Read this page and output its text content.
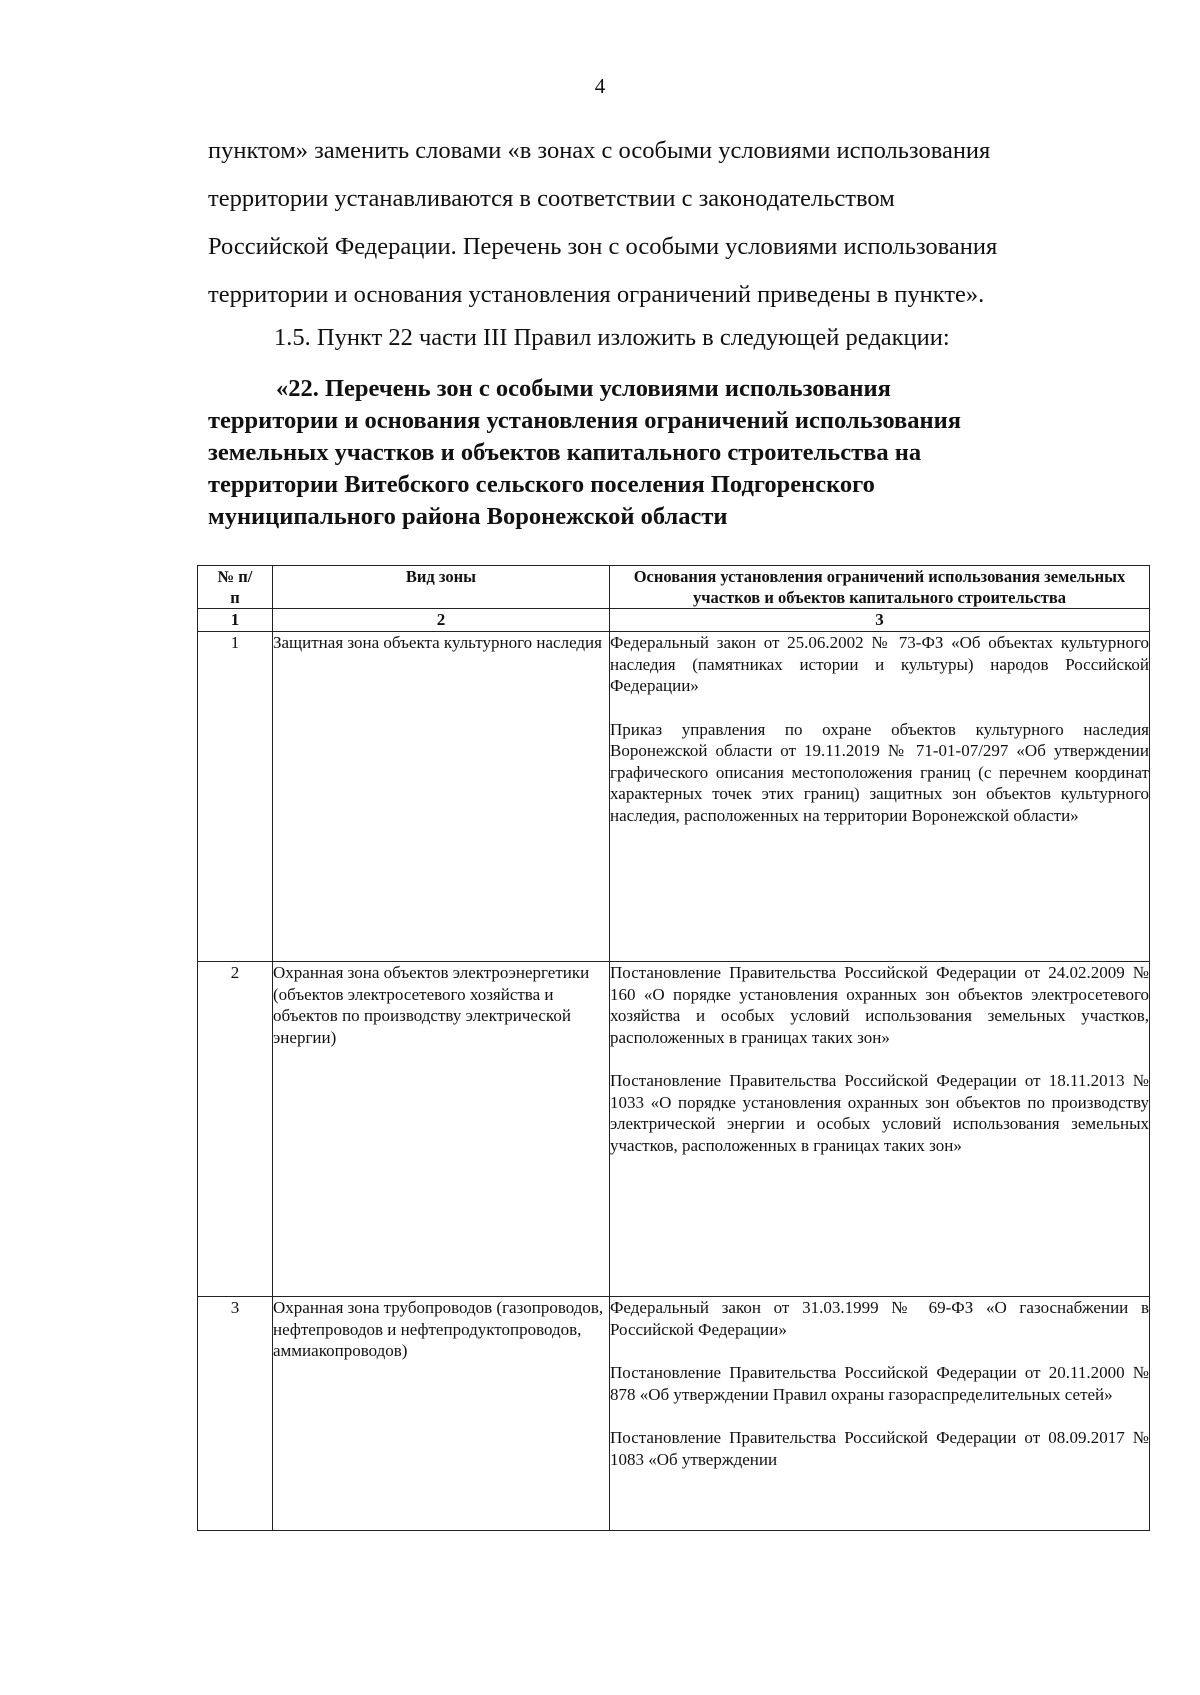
4
пунктом» заменить словами «в зонах с особыми условиями использования
территории устанавливаются в соответствии с законодательством
Российской Федерации. Перечень зон с особыми условиями использования
территории и основания установления ограничений приведены в пункте».
1.5. Пункт 22 части III Правил изложить в следующей редакции:
«22. Перечень зон с особыми условиями использования
территории и основания установления ограничений использования
земельных участков и объектов капитального строительства на
территории Витебского сельского поселения Подгоренского
муниципального района Воронежской области
№ п/п	Вид зоны	Основания установления ограничений использования земельных участков и объектов капитального строительства
1	2	3
1	Защитная зона объекта культурного наследия	Федеральный закон от 25.06.2002 № 73-ФЗ «Об объектах культурного наследия (памятниках истории и культуры) народов Российской Федерации»
Приказ управления по охране объектов культурного наследия Воронежской области от 19.11.2019 № 71-01-07/297 «Об утверждении графического описания местоположения границ (с перечнем координат характерных точек этих границ) защитных зон объектов культурного наследия, расположенных на территории Воронежской области»

2	Охранная зона объектов электроэнергетики (объектов электросетевого хозяйства и объектов по производству электрической энергии)	Постановление Правительства Российской Федерации от 24.02.2009 № 160 «О порядке установления охранных зон объектов электросетевого хозяйства и особых условий использования земельных участков, расположенных в границах таких зон»
Постановление Правительства Российской Федерации от 18.11.2013 № 1033 «О порядке установления охранных зон объектов по производству электрической энергии и особых условий использования земельных участков, расположенных в границах таких зон»

3	Охранная зона трубопроводов (газопроводов, нефтепроводов и нефтепродуктопроводов, аммиакопроводов)	Федеральный закон от 31.03.1999 № 69-ФЗ «О газоснабжении в Российской Федерации»
Постановление Правительства Российской Федерации от 20.11.2000 № 878 «Об утверждении Правил охраны газораспределительных сетей»
Постановление Правительства Российской Федерации от 08.09.2017 № 1083 «Об утверждении
